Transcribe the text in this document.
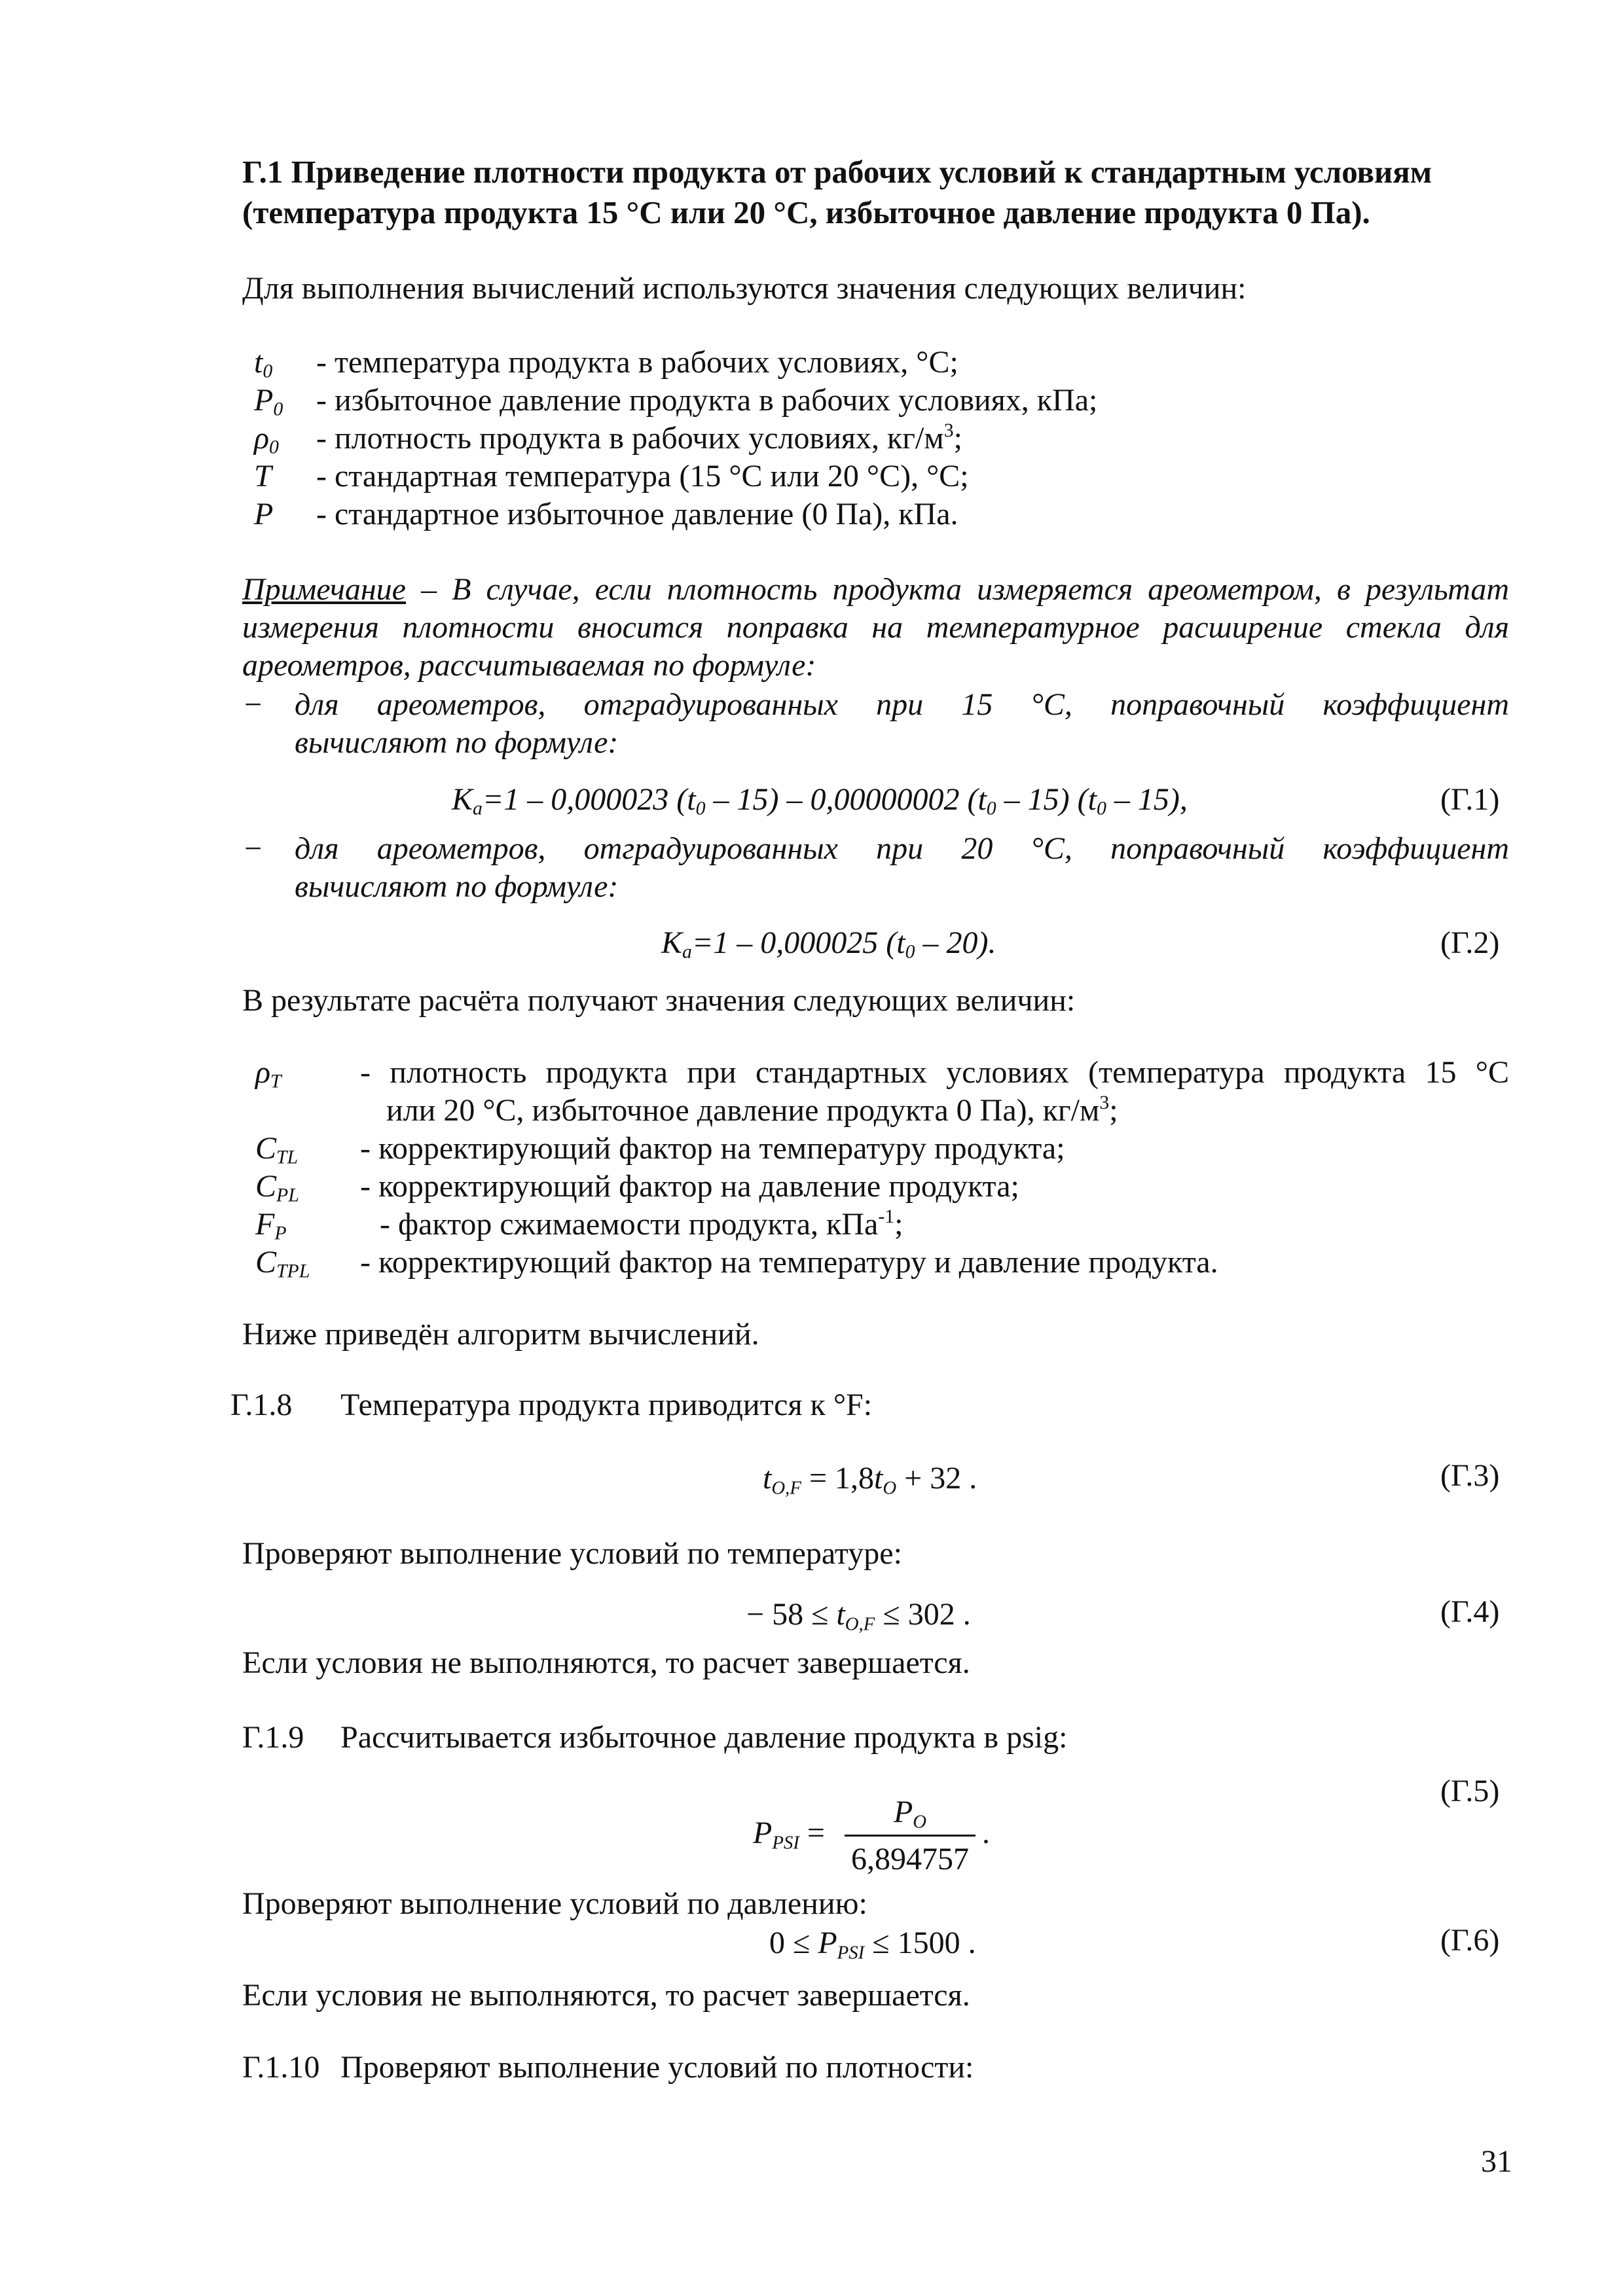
Г.1 Приведение плотности продукта от рабочих условий к стандартным условиям
(температура продукта 15 °С или 20 °С, избыточное давление продукта 0 Па).
Для выполнения вычислений используются значения следующих величин:
$t_0$ - температура продукта в рабочих условиях, °С;
$P_0$ - избыточное давление продукта в рабочих условиях, кПа;
$\rho_0$ - плотность продукта в рабочих условиях, $кг/м^3$;
T - стандартная температура (15 °С или 20 °С), °С;
P - стандартное избыточное давление (0 Па), кПа.
Примечание – В случае, если плотность продукта измеряется ареометром, в результат измерения плотности вносится поправка на температурное расширение стекла для ареометров, рассчитываемая по формуле:
− для ареометров, отградуированных при 15 °С, поправочный коэффициент
вычисляют по формуле:
$K_a=1 - 0,000023$ $(t_0 - 15) - 0,00000002$ $(t_0 - 15)$ $(t_0 - 15)$,	(Г.1)
− для ареометров, отградуированных при 20 °С, поправочный коэффициент
вычисляют по формуле:
$K_a=1 - 0,000025$ $(t_0 - 20)$.	(Г.2)
В результате расчёта получают значения следующих величин:
$\rho_T$	- плотность продукта при стандартных условиях (температура продукта 15 °С
или 20 °С, избыточное давление продукта 0 Па), $кг/м^3$;
$C_{TL}$ - корректирующий фактор на температуру продукта;
$C_{PL}$ - корректирующий фактор на давление продукта;
$F_P$	- фактор сжимаемости продукта, кПа$^{-1}$;
$C_{TPL}$ - корректирующий фактор на температуру и давление продукта.
Ниже приведён алгоритм вычислений.
Г.1.8 Температура продукта приводится к °F:
$t_{O,F} = 1,8t_O + 32$ .	(Г.3)
Проверяют выполнение условий по температуре:
− $58 \le t_{O,F} \le 302$ .	(Г.4)
Если условия не выполняются, то расчет завершается.
Г.1.9 Рассчитывается избыточное давление продукта в psig:
$P_{PSI} = \frac{P_O}{6,894757}$ .
(Г.5)
Проверяют выполнение условий по давлению:
$0 \le P_{PSI} \le 1500$ .	(Г.6)
Если условия не выполняются, то расчет завершается.
Г.1.10 Проверяют выполнение условий по плотности:
31
